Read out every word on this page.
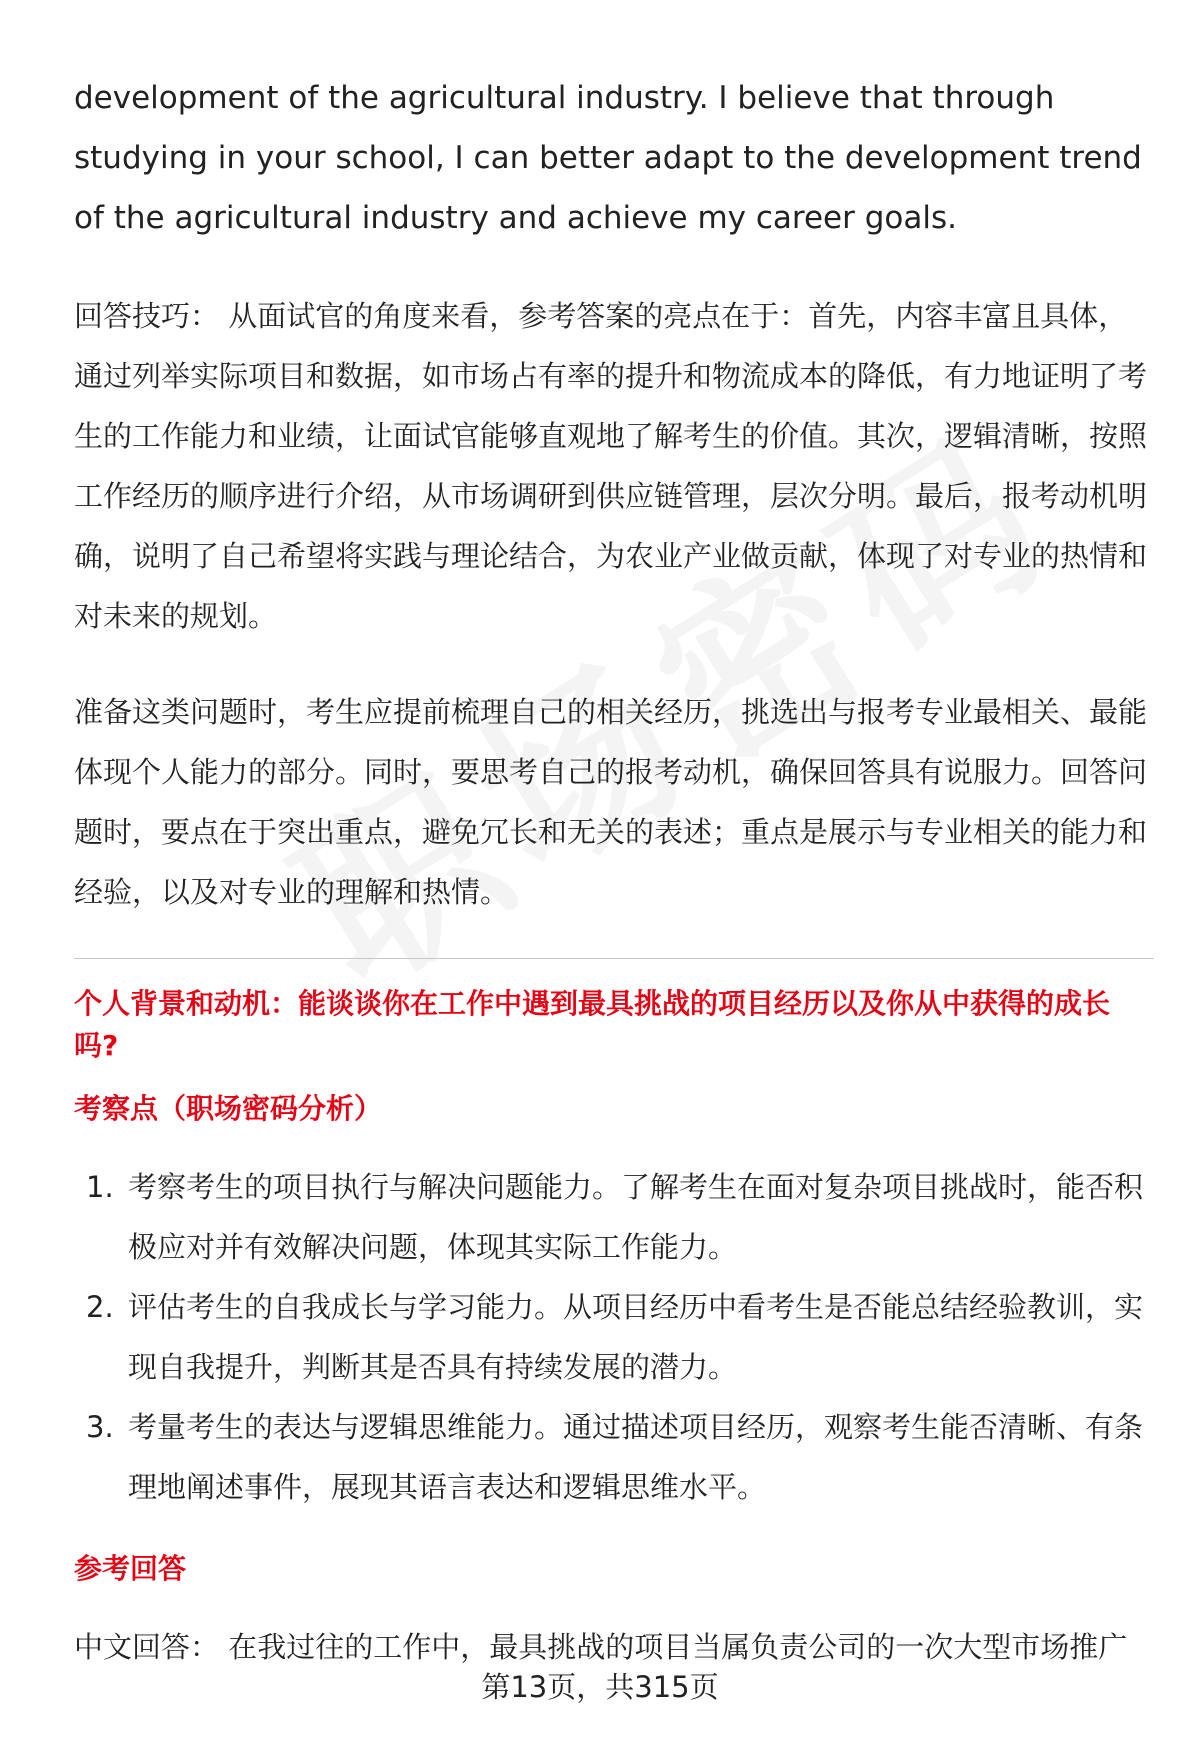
development of the agricultural industry. I believe that through studying in your school, I can better adapt to the development trend of the agricultural industry and achieve my career goals.

回答技巧： 从面试官的角度来看，参考答案的亮点在于：首先，内容丰富且具体，通过列举实际项目和数据，如市场占有率的提升和物流成本的降低，有力地证明了考生的工作能力和业绩，让面试官能够直观地了解考生的价值。其次，逻辑清晰，按照工作经历的顺序进行介绍，从市场调研到供应链管理，层次分明。最后，报考动机明确，说明了自己希望将实践与理论结合，为农业产业做贡献，体现了对专业的热情和对未来的规划。

准备这类问题时，考生应提前梳理自己的相关经历，挑选出与报考专业最相关、最能体现个人能力的部分。同时，要思考自己的报考动机，确保回答具有说服力。回答问题时，要点在于突出重点，避免冗长和无关的表述；重点是展示与专业相关的能力和经验，以及对专业的理解和热情。

个人背景和动机：能谈谈你在工作中遇到最具挑战的项目经历以及你从中获得的成长吗?
考察点（职场密码分析）
1. 考察考生的项目执行与解决问题能力。了解考生在面对复杂项目挑战时，能否积极应对并有效解决问题，体现其实际工作能力。
2. 评估考生的自我成长与学习能力。从项目经历中看考生是否能总结经验教训，实现自我提升，判断其是否具有持续发展的潜力。
3. 考量考生的表达与逻辑思维能力。通过描述项目经历，观察考生能否清晰、有条理地阐述事件，展现其语言表达和逻辑思维水平。
参考回答

中文回答： 在我过往的工作中，最具挑战的项目当属负责公司的一次大型市场推广

第13页，共315页
